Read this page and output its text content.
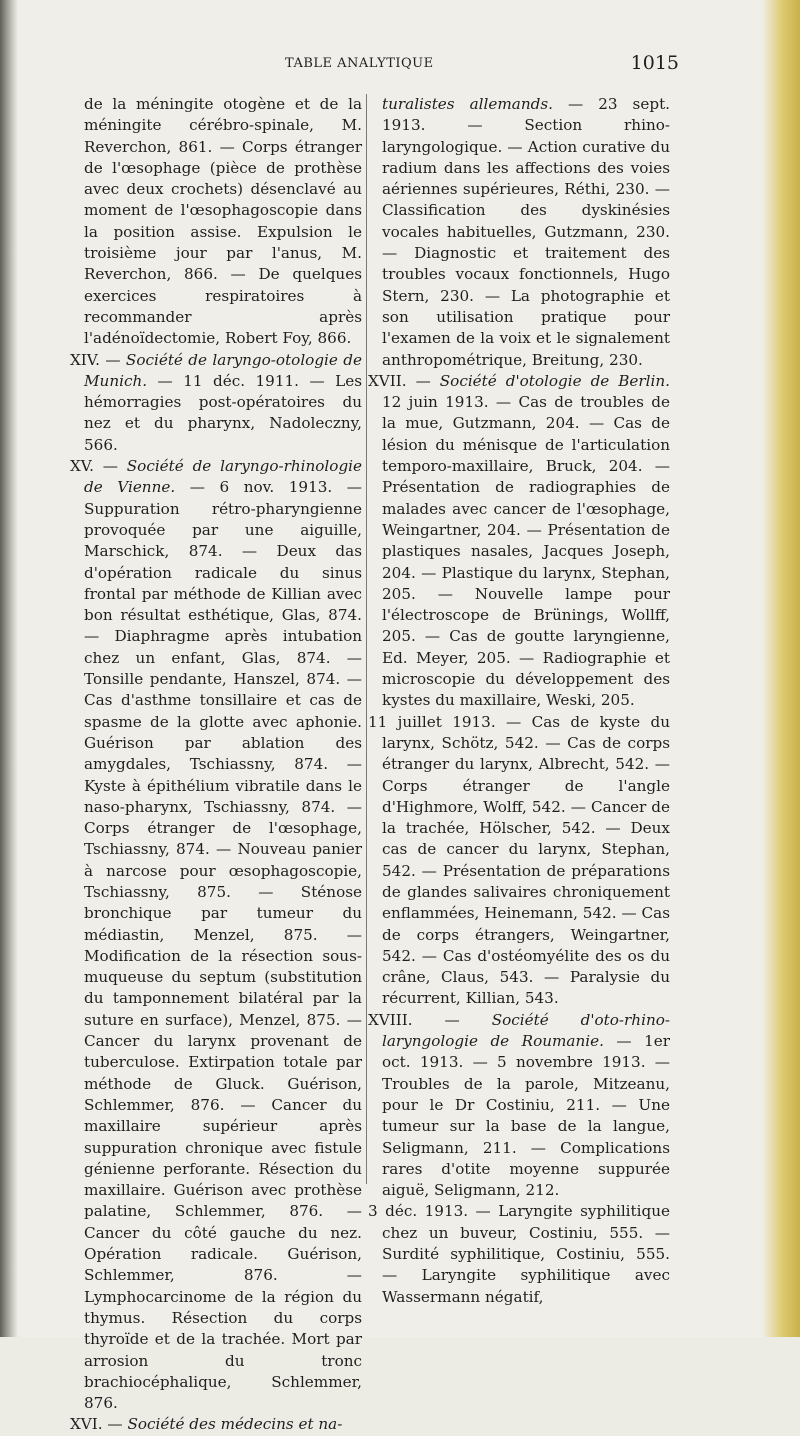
TABLE ANALYTIQUE	1015

de la méningite otogène et de la méningite cérébro-spinale, M. Reverchon, 861. — Corps étranger de l'œsophage (pièce de prothèse avec deux crochets) désenclavé au moment de l'œsophagoscopie dans la position assise. Expulsion le troisième jour par l'anus, M. Reverchon, 866. — De quelques exercices respiratoires à recommander après l'adénoïdectomie, Robert Foy, 866.

XIV. — Société de laryngo-otologie de Munich. — 11 déc. 1911. — Les hémorragies post-opératoires du nez et du pharynx, Nadoleczny, 566.

XV. — Société de laryngo-rhinologie de Vienne. — 6 nov. 1913. — Suppuration rétro-pharyngienne provoquée par une aiguille, Marschick, 874. — Deux das d'opération radicale du sinus frontal par méthode de Killian avec bon résultat esthétique, Glas, 874. — Diaphragme après intubation chez un enfant, Glas, 874. — Tonsille pendante, Hanszel, 874. — Cas d'asthme tonsillaire et cas de spasme de la glotte avec aphonie. Guérison par ablation des amygdales, Tschiassny, 874. — Kyste à épithélium vibratile dans le naso-pharynx, Tschiassny, 874. — Corps étranger de l'œsophage, Tschiassny, 874. — Nouveau panier à narcose pour œsophagoscopie, Tschiassny, 875. — Sténose bronchique par tumeur du médiastin, Menzel, 875. — Modification de la résection sous-muqueuse du septum (substitution du tamponnement bilatéral par la suture en surface), Menzel, 875. — Cancer du larynx provenant de tuberculose. Extirpation totale par méthode de Gluck. Guérison, Schlemmer, 876. — Cancer du maxillaire supérieur après suppuration chronique avec fistule génienne perforante. Résection du maxillaire. Guérison avec prothèse palatine, Schlemmer, 876. — Cancer du côté gauche du nez. Opération radicale. Guérison, Schlemmer, 876. — Lymphocarcinome de la région du thymus. Résection du corps thyroïde et de la trachée. Mort par arrosion du tronc brachiocéphalique, Schlemmer, 876.

XVI. — Société des médecins et na-

turalistes allemands. — 23 sept. 1913. — Section rhino-laryngologique. — Action curative du radium dans les affections des voies aériennes supérieures, Réthi, 230. — Classification des dyskinésies vocales habituelles, Gutzmann, 230. — Diagnostic et traitement des troubles vocaux fonctionnels, Hugo Stern, 230. — La photographie et son utilisation pratique pour l'examen de la voix et le signalement anthropométrique, Breitung, 230.

XVII. — Société d'otologie de Berlin. 12 juin 1913. — Cas de troubles de la mue, Gutzmann, 204. — Cas de lésion du ménisque de l'articulation temporo-maxillaire, Bruck, 204. — Présentation de radiographies de malades avec cancer de l'œsophage, Weingartner, 204. — Présentation de plastiques nasales, Jacques Joseph, 204. — Plastique du larynx, Stephan, 205. — Nouvelle lampe pour l'électroscope de Brünings, Wollff, 205. — Cas de goutte laryngienne, Ed. Meyer, 205. — Radiographie et microscopie du développement des kystes du maxillaire, Weski, 205.

11 juillet 1913. — Cas de kyste du larynx, Schötz, 542. — Cas de corps étranger du larynx, Albrecht, 542. — Corps étranger de l'angle d'Highmore, Wolff, 542. — Cancer de la trachée, Hölscher, 542. — Deux cas de cancer du larynx, Stephan, 542. — Présentation de préparations de glandes salivaires chroniquement enflammées, Heinemann, 542. — Cas de corps étrangers, Weingartner, 542. — Cas d'ostéomyélite des os du crâne, Claus, 543. — Paralysie du récurrent, Killian, 543.

XVIII. — Société d'oto-rhino-laryngologie de Roumanie. — 1er oct. 1913. — 5 novembre 1913. — Troubles de la parole, Mitzeanu, pour le Dr Costiniu, 211. — Une tumeur sur la base de la langue, Seligmann, 211. — Complications rares d'otite moyenne suppurée aiguë, Seligmann, 212.

3 déc. 1913. — Laryngite syphilitique chez un buveur, Costiniu, 555. — Surdité syphilitique, Costiniu, 555. — Laryngite syphilitique avec Wassermann négatif,
